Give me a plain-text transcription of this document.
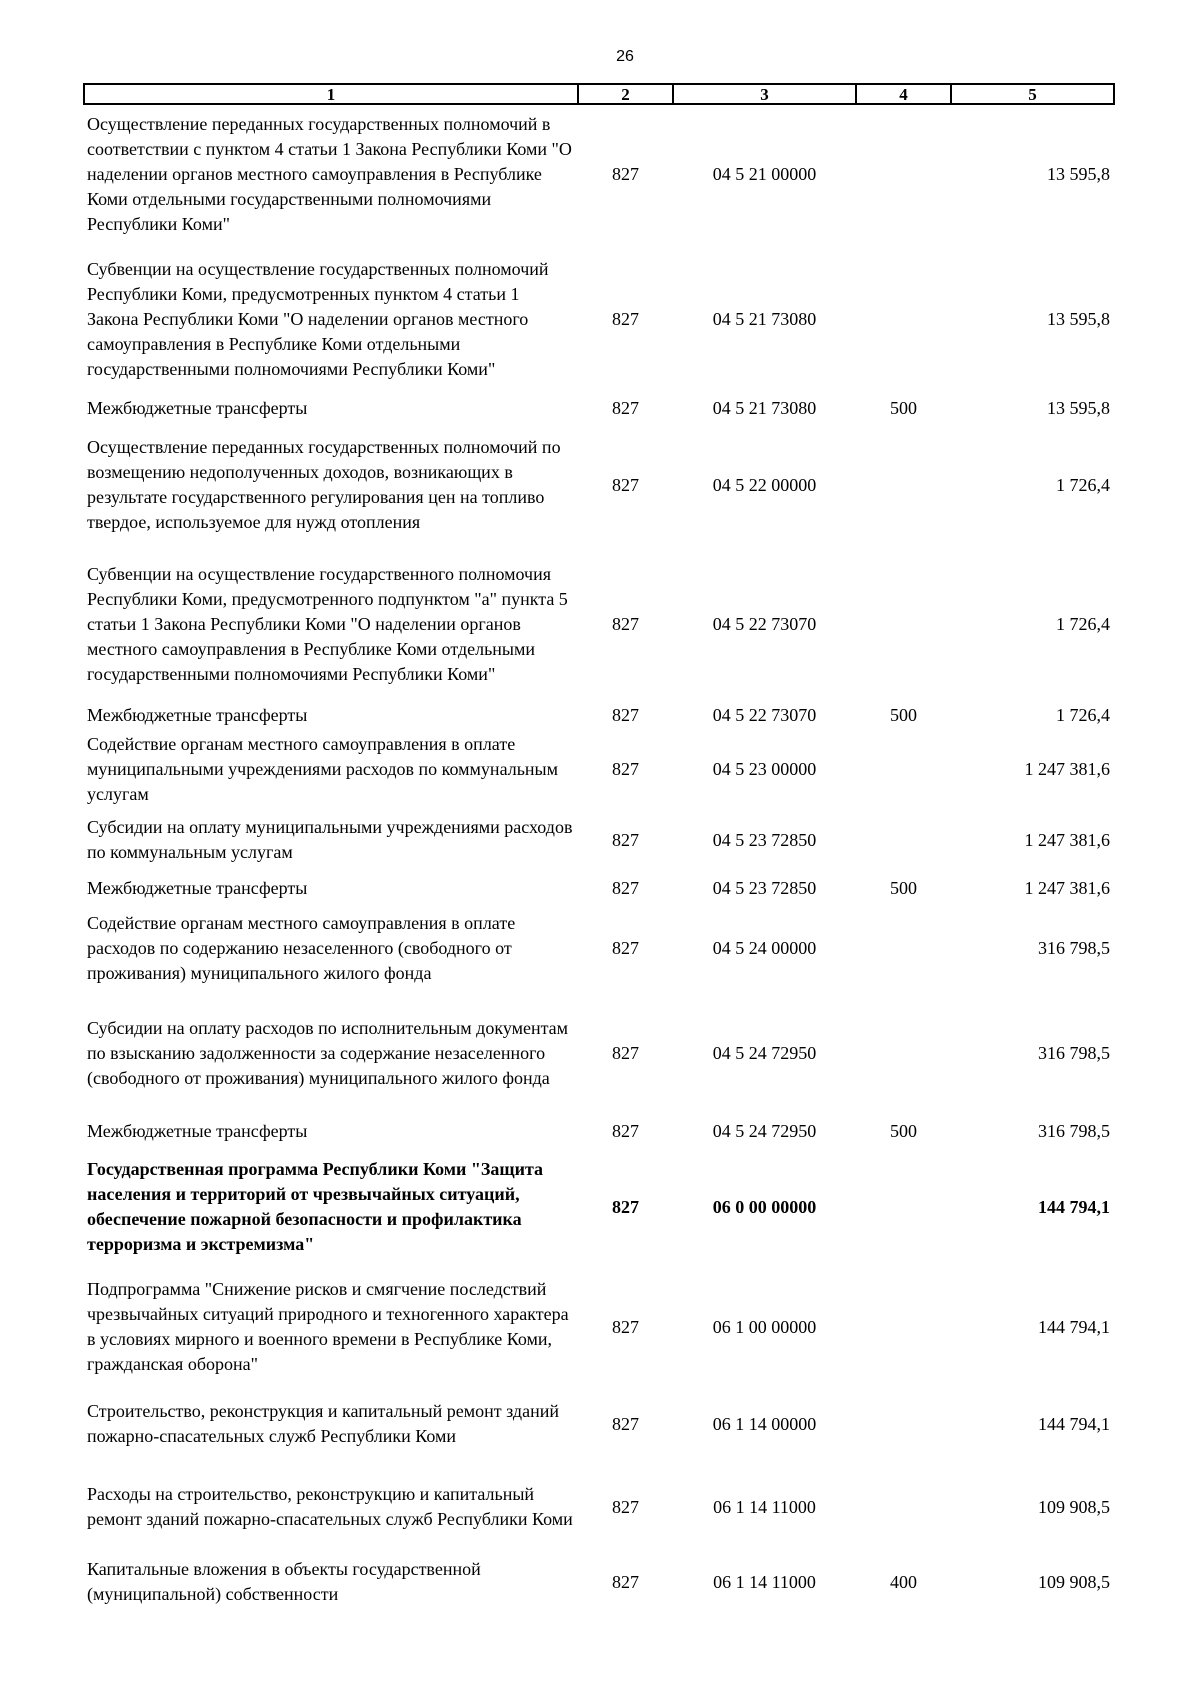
26
1	2	3	4	5
Осуществление переданных государственных полномочий в соответствии с пунктом 4 статьи 1 Закона Республики Коми "О наделении органов местного самоуправления в Республике Коми отдельными государственными полномочиями Республики Коми"	827	04 5 21 00000		13 595,8
Субвенции на осуществление государственных полномочий Республики Коми, предусмотренных пунктом 4 статьи 1 Закона Республики Коми "О наделении органов местного самоуправления в Республике Коми отдельными государственными полномочиями Республики Коми"	827	04 5 21 73080		13 595,8
Межбюджетные трансферты	827	04 5 21 73080	500	13 595,8
Осуществление переданных государственных полномочий по возмещению недополученных доходов, возникающих в результате государственного регулирования цен на топливо твердое, используемое для нужд отопления	827	04 5 22 00000		1 726,4
Субвенции на осуществление государственного полномочия Республики Коми, предусмотренного подпунктом "а" пункта 5 статьи 1 Закона Республики Коми "О наделении органов местного самоуправления в Республике Коми отдельными государственными полномочиями Республики Коми"	827	04 5 22 73070		1 726,4
Межбюджетные трансферты	827	04 5 22 73070	500	1 726,4
Содействие органам местного самоуправления в оплате муниципальными учреждениями расходов по коммунальным услугам	827	04 5 23 00000		1 247 381,6
Субсидии на оплату муниципальными учреждениями расходов по коммунальным услугам	827	04 5 23 72850		1 247 381,6
Межбюджетные трансферты	827	04 5 23 72850	500	1 247 381,6
Содействие органам местного самоуправления в оплате расходов по содержанию незаселенного (свободного от проживания) муниципального жилого фонда	827	04 5 24 00000		316 798,5
Субсидии на оплату расходов по исполнительным документам по взысканию задолженности за содержание незаселенного (свободного от проживания) муниципального жилого фонда	827	04 5 24 72950		316 798,5
Межбюджетные трансферты	827	04 5 24 72950	500	316 798,5
Государственная программа Республики Коми "Защита населения и территорий от чрезвычайных ситуаций, обеспечение пожарной безопасности и профилактика терроризма и экстремизма"	827	06 0 00 00000		144 794,1
Подпрограмма "Снижение рисков и смягчение последствий чрезвычайных ситуаций природного и техногенного характера в условиях мирного и военного времени в Республике Коми, гражданская оборона"	827	06 1 00 00000		144 794,1
Строительство, реконструкция и капитальный ремонт зданий пожарно-спасательных служб Республики Коми	827	06 1 14 00000		144 794,1
Расходы на строительство, реконструкцию и капитальный ремонт зданий пожарно-спасательных служб Республики Коми	827	06 1 14 11000		109 908,5
Капитальные вложения в объекты государственной (муниципальной) собственности	827	06 1 14 11000	400	109 908,5
